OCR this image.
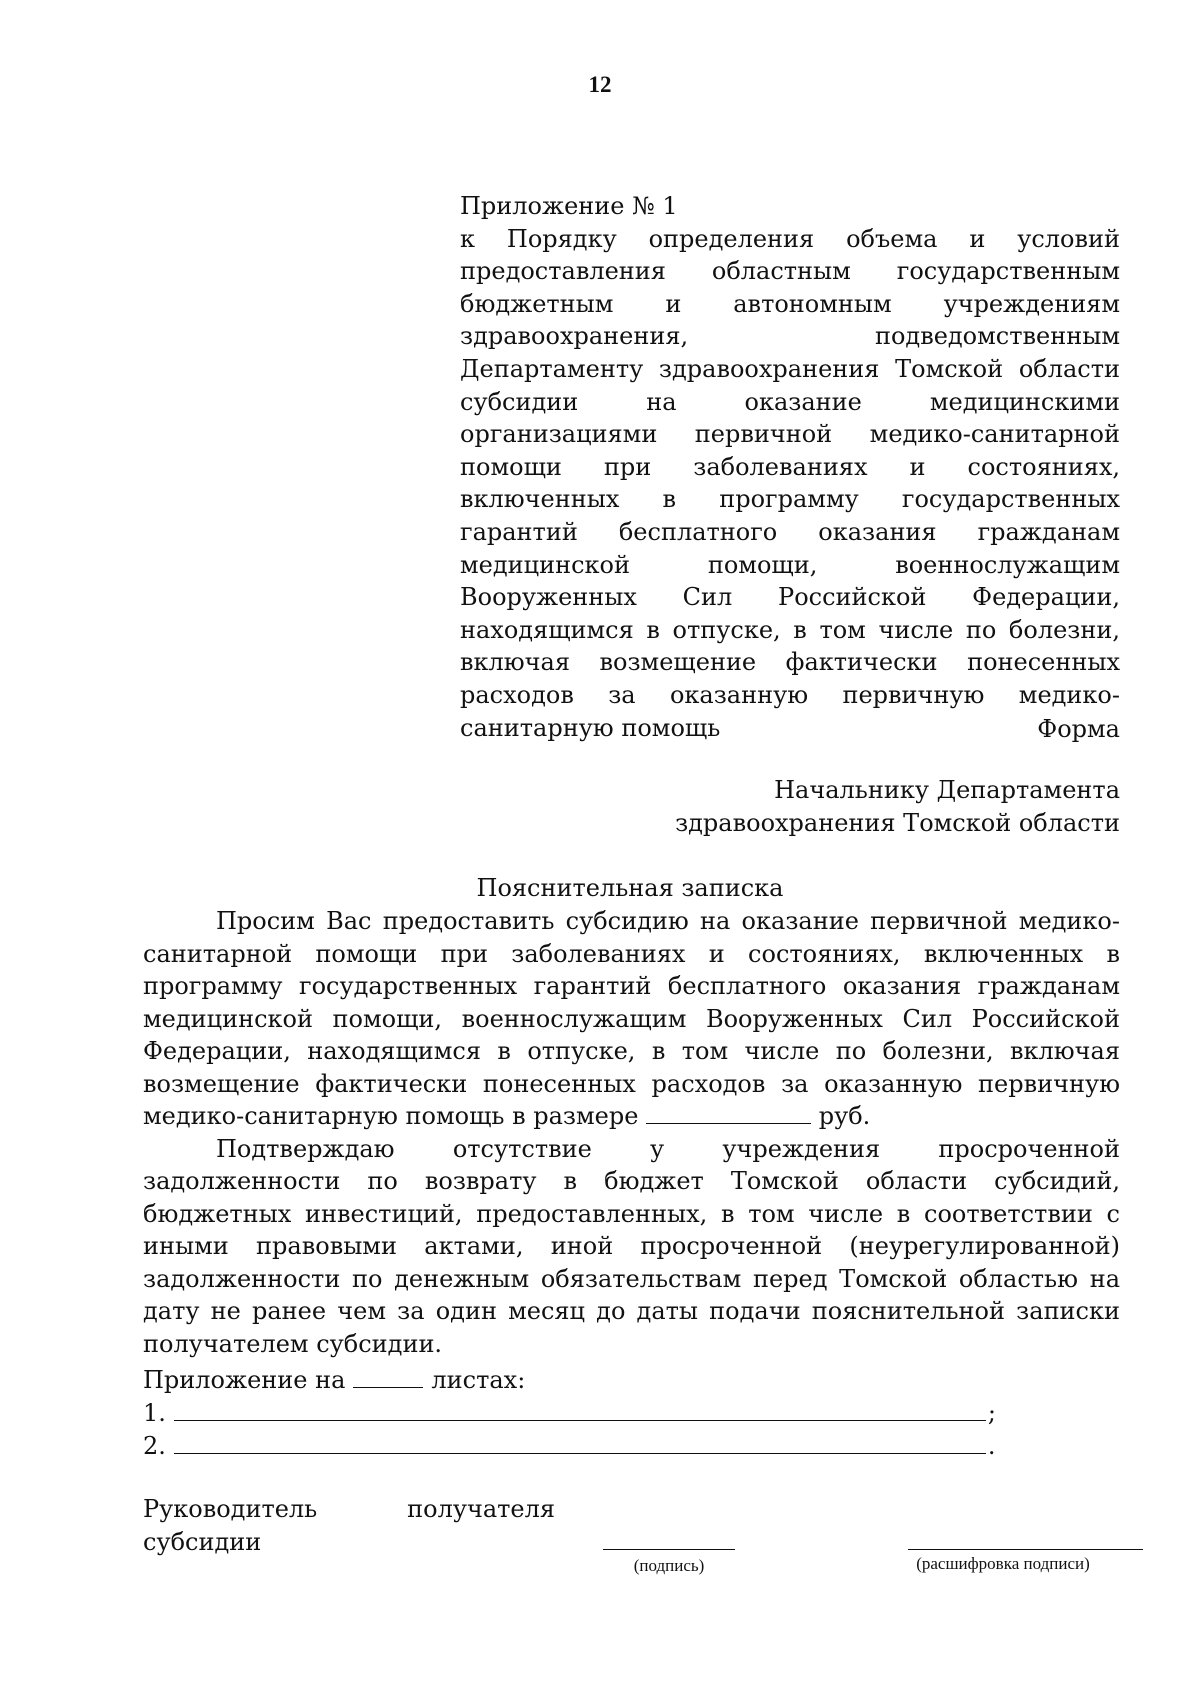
12
Приложение № 1
к Порядку определения объема и условий предоставления областным государственным бюджетным и автономным учреждениям здравоохранения, подведомственным Департаменту здравоохранения Томской области субсидии на оказание медицинскими организациями первичной медико-санитарной помощи при заболеваниях и состояниях, включенных в программу государственных гарантий бесплатного оказания гражданам медицинской помощи, военнослужащим Вооруженных Сил Российской Федерации, находящимся в отпуске, в том числе по болезни, включая возмещение фактически понесенных расходов за оказанную первичную медико-санитарную помощь	Форма
Начальнику Департамента
здравоохранения Томской области
Пояснительная записка

Просим Вас предоставить субсидию на оказание первичной медико-санитарной помощи при заболеваниях и состояниях, включенных в программу государственных гарантий бесплатного оказания гражданам медицинской помощи, военнослужащим Вооруженных Сил Российской Федерации, находящимся в отпуске, в том числе по болезни, включая возмещение фактически понесенных расходов за оказанную первичную медико-санитарную помощь в размере	руб.

Подтверждаю отсутствие у учреждения просроченной задолженности по возврату в бюджет Томской области субсидий, бюджетных инвестиций, предоставленных, в том числе в соответствии с иными правовыми актами, иной просроченной (неурегулированной) задолженности по денежным обязательствам перед Томской областью на дату не ранее чем за один месяц до даты подачи пояснительной записки получателем субсидии.

Приложение на	листах:
1.	;
2.	.
Руководитель	получателя
субсидии
(подпись)	(расшифровка подписи)
